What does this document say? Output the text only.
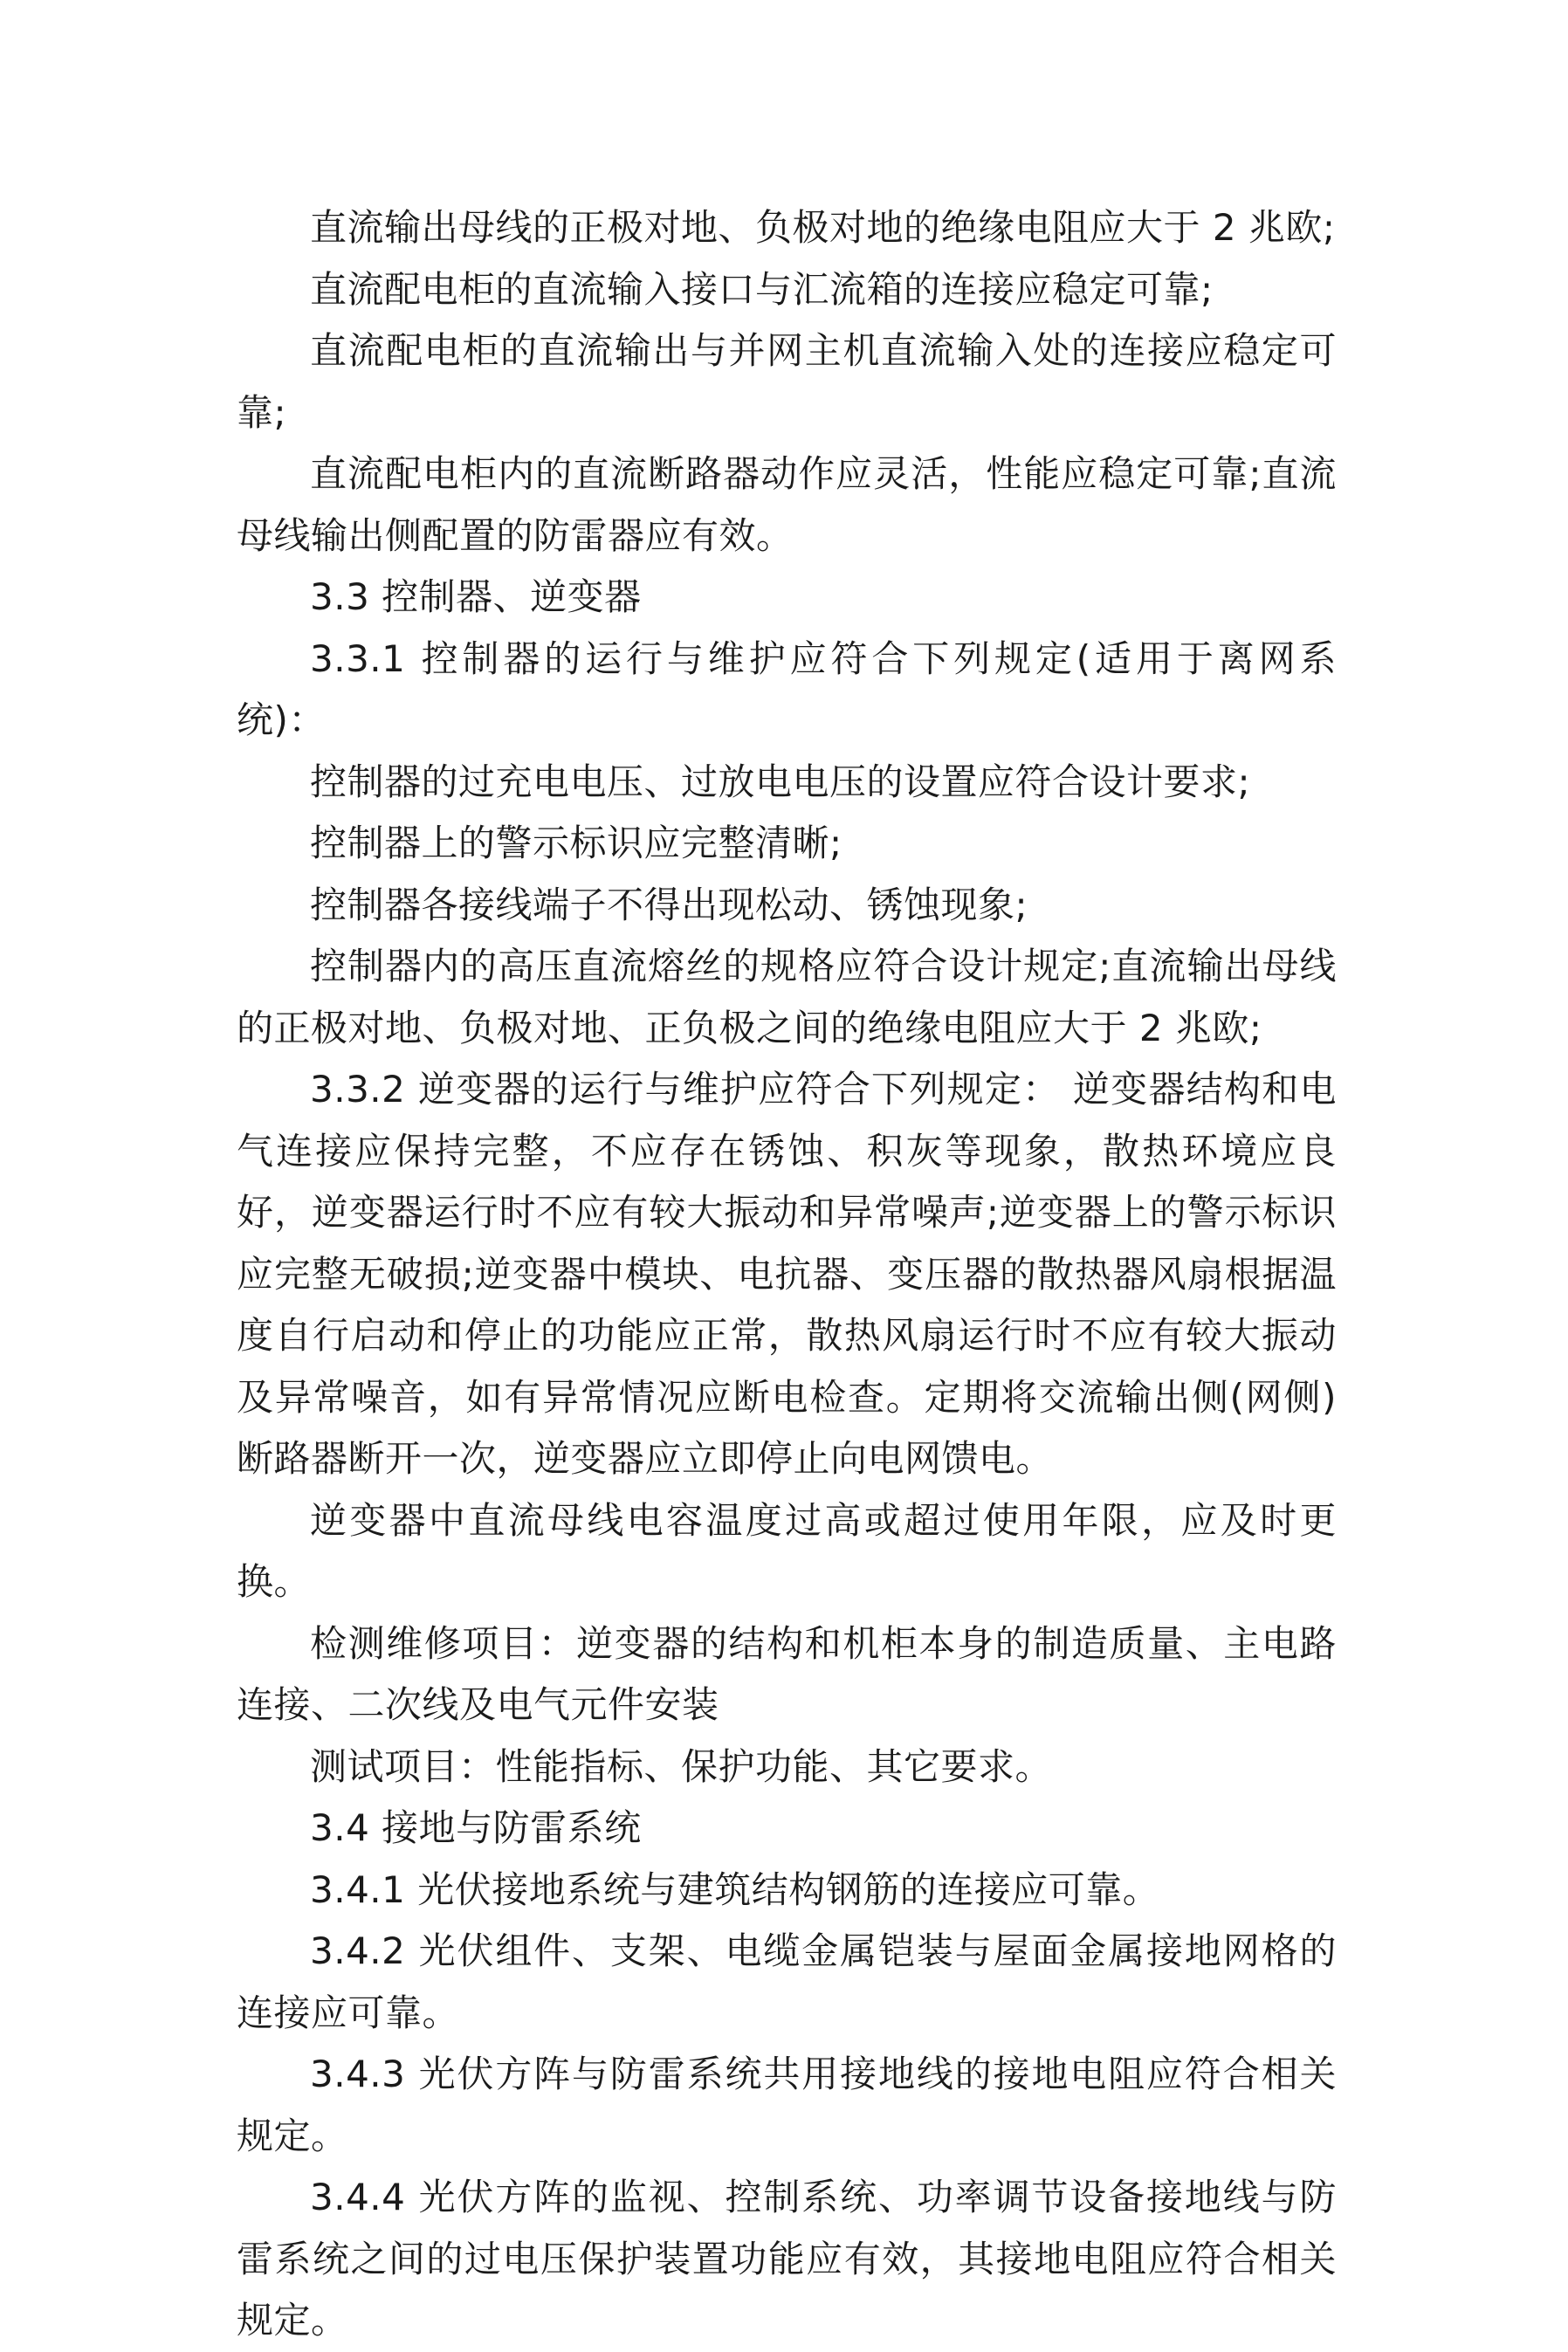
直流输出母线的正极对地、负极对地的绝缘电阻应大于 2 兆欧;

直流配电柜的直流输入接口与汇流箱的连接应稳定可靠;

直流配电柜的直流输出与并网主机直流输入处的连接应稳定可靠;

直流配电柜内的直流断路器动作应灵活，性能应稳定可靠;直流母线输出侧配置的防雷器应有效。

3.3 控制器、逆变器

3.3.1 控制器的运行与维护应符合下列规定(适用于离网系统)：

控制器的过充电电压、过放电电压的设置应符合设计要求;

控制器上的警示标识应完整清晰;

控制器各接线端子不得出现松动、锈蚀现象;

控制器内的高压直流熔丝的规格应符合设计规定;直流输出母线的正极对地、负极对地、正负极之间的绝缘电阻应大于 2 兆欧;

3.3.2 逆变器的运行与维护应符合下列规定： 逆变器结构和电气连接应保持完整，不应存在锈蚀、积灰等现象，散热环境应良好，逆变器运行时不应有较大振动和异常噪声;逆变器上的警示标识应完整无破损;逆变器中模块、电抗器、变压器的散热器风扇根据温度自行启动和停止的功能应正常，散热风扇运行时不应有较大振动及异常噪音，如有异常情况应断电检查。定期将交流输出侧(网侧)断路器断开一次，逆变器应立即停止向电网馈电。

逆变器中直流母线电容温度过高或超过使用年限，应及时更换。

检测维修项目：逆变器的结构和机柜本身的制造质量、主电路连接、二次线及电气元件安装

测试项目：性能指标、保护功能、其它要求。

3.4 接地与防雷系统

3.4.1 光伏接地系统与建筑结构钢筋的连接应可靠。

3.4.2 光伏组件、支架、电缆金属铠装与屋面金属接地网格的连接应可靠。

3.4.3 光伏方阵与防雷系统共用接地线的接地电阻应符合相关规定。

3.4.4 光伏方阵的监视、控制系统、功率调节设备接地线与防雷系统之间的过电压保护装置功能应有效，其接地电阻应符合相关规定。
